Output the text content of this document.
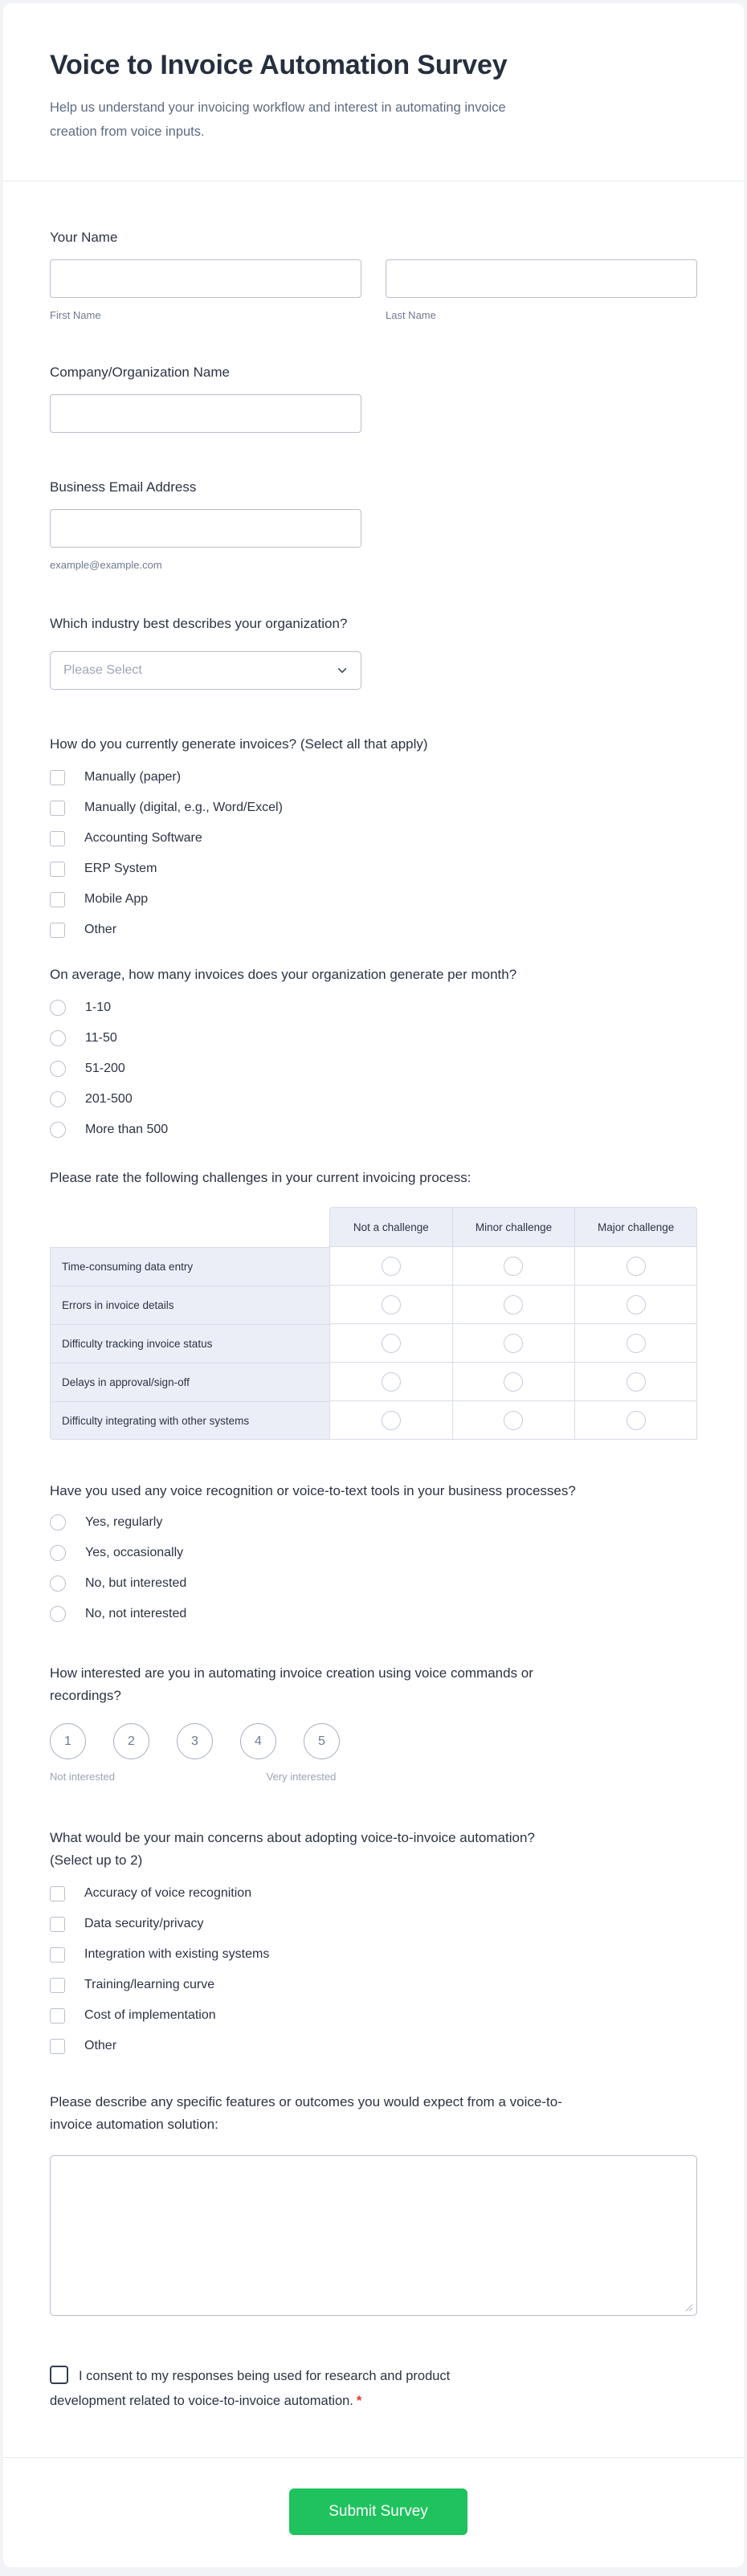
Voice to Invoice Automation Survey
Help us understand your invoicing workflow and interest in automating invoice creation from voice inputs.
Your Name
First Name	Last Name
Company/Organization Name
Business Email Address
example@example.com
Which industry best describes your organization?
Please Select
How do you currently generate invoices? (Select all that apply)
Manually (paper)
Manually (digital, e.g., Word/Excel)
Accounting Software
ERP System
Mobile App
Other
On average, how many invoices does your organization generate per month?
1-10
11-50
51-200
201-500
More than 500
Please rate the following challenges in your current invoicing process:
Not a challenge	Minor challenge	Major challenge
Time-consuming data entry
Errors in invoice details
Difficulty tracking invoice status
Delays in approval/sign-off
Difficulty integrating with other systems
Have you used any voice recognition or voice-to-text tools in your business processes?
Yes, regularly
Yes, occasionally
No, but interested
No, not interested
How interested are you in automating invoice creation using voice commands or recordings?
1	2	3	4	5
Not interested	Very interested
What would be your main concerns about adopting voice-to-invoice automation? (Select up to 2)
Accuracy of voice recognition
Data security/privacy
Integration with existing systems
Training/learning curve
Cost of implementation
Other
Please describe any specific features or outcomes you would expect from a voice-to-invoice automation solution:
I consent to my responses being used for research and product development related to voice-to-invoice automation. *
Submit Survey
